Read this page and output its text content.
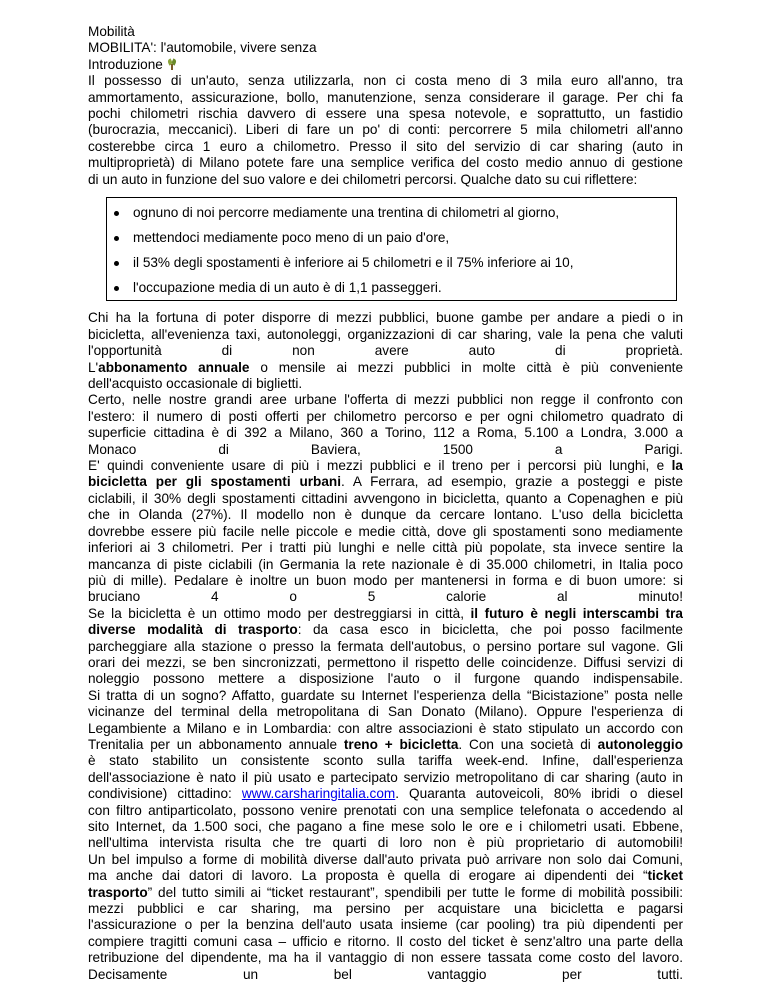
Mobilità
MOBILITA': l'automobile, vivere senza
Introduzione
Il possesso di un'auto, senza utilizzarla, non ci costa meno di 3 mila euro all'anno, tra
ammortamento, assicurazione, bollo, manutenzione, senza considerare il garage. Per chi fa
pochi chilometri rischia davvero di essere una spesa notevole, e soprattutto, un fastidio
(burocrazia, meccanici). Liberi di fare un po' di conti: percorrere 5 mila chilometri all'anno
costerebbe circa 1 euro a chilometro. Presso il sito del servizio di car sharing (auto in
multiproprietà) di Milano potete fare una semplice verifica del costo medio annuo di gestione
di un auto in funzione del suo valore e dei chilometri percorsi. Qualche dato su cui riflettere:
ognuno di noi percorre mediamente una trentina di chilometri al giorno,
mettendoci mediamente poco meno di un paio d'ore,
il 53% degli spostamenti è inferiore ai 5 chilometri e il 75% inferiore ai 10,
l'occupazione media di un auto è di 1,1 passeggeri.
Chi ha la fortuna di poter disporre di mezzi pubblici, buone gambe per andare a piedi o in
bicicletta, all'evenienza taxi, autonoleggi, organizzazioni di car sharing, vale la pena che valuti
l'opportunità di non avere auto di proprietà.
L'abbonamento annuale o mensile ai mezzi pubblici in molte città è più conveniente
dell'acquisto occasionale di biglietti.
Certo, nelle nostre grandi aree urbane l'offerta di mezzi pubblici non regge il confronto con
l'estero: il numero di posti offerti per chilometro percorso e per ogni chilometro quadrato di
superficie cittadina è di 392 a Milano, 360 a Torino, 112 a Roma, 5.100 a Londra, 3.000 a
Monaco di Baviera, 1500 a Parigi.
E' quindi conveniente usare di più i mezzi pubblici e il treno per i percorsi più lunghi, e la
bicicletta per gli spostamenti urbani. A Ferrara, ad esempio, grazie a posteggi e piste
ciclabili, il 30% degli spostamenti cittadini avvengono in bicicletta, quanto a Copenaghen e più
che in Olanda (27%). Il modello non è dunque da cercare lontano. L'uso della bicicletta
dovrebbe essere più facile nelle piccole e medie città, dove gli spostamenti sono mediamente
inferiori ai 3 chilometri. Per i tratti più lunghi e nelle città più popolate, sta invece sentire la
mancanza di piste ciclabili (in Germania la rete nazionale è di 35.000 chilometri, in Italia poco
più di mille). Pedalare è inoltre un buon modo per mantenersi in forma e di buon umore: si
bruciano 4 o 5 calorie al minuto!
Se la bicicletta è un ottimo modo per destreggiarsi in città, il futuro è negli interscambi tra
diverse modalità di trasporto: da casa esco in bicicletta, che poi posso facilmente
parcheggiare alla stazione o presso la fermata dell'autobus, o persino portare sul vagone. Gli
orari dei mezzi, se ben sincronizzati, permettono il rispetto delle coincidenze. Diffusi servizi di
noleggio possono mettere a disposizione l'auto o il furgone quando indispensabile.
Si tratta di un sogno? Affatto, guardate su Internet l'esperienza della “Bicistazione” posta nelle
vicinanze del terminal della metropolitana di San Donato (Milano). Oppure l'esperienza di
Legambiente a Milano e in Lombardia: con altre associazioni è stato stipulato un accordo con
Trenitalia per un abbonamento annuale treno + bicicletta. Con una società di autonoleggio
è stato stabilito un consistente sconto sulla tariffa week-end. Infine, dall'esperienza
dell'associazione è nato il più usato e partecipato servizio metropolitano di car sharing (auto in
condivisione) cittadino: www.carsharingitalia.com. Quaranta autoveicoli, 80% ibridi o diesel
con filtro antiparticolato, possono venire prenotati con una semplice telefonata o accedendo al
sito Internet, da 1.500 soci, che pagano a fine mese solo le ore e i chilometri usati. Ebbene,
nell'ultima intervista risulta che tre quarti di loro non è più proprietario di automobili!
Un bel impulso a forme di mobilità diverse dall'auto privata può arrivare non solo dai Comuni,
ma anche dai datori di lavoro. La proposta è quella di erogare ai dipendenti dei “ticket
trasporto” del tutto simili ai “ticket restaurant”, spendibili per tutte le forme di mobilità possibili:
mezzi pubblici e car sharing, ma persino per acquistare una bicicletta e pagarsi
l'assicurazione o per la benzina dell'auto usata insieme (car pooling) tra più dipendenti per
compiere tragitti comuni casa – ufficio e ritorno. Il costo del ticket è senz'altro una parte della
retribuzione del dipendente, ma ha il vantaggio di non essere tassata come costo del lavoro.
Decisamente un bel vantaggio per tutti.
